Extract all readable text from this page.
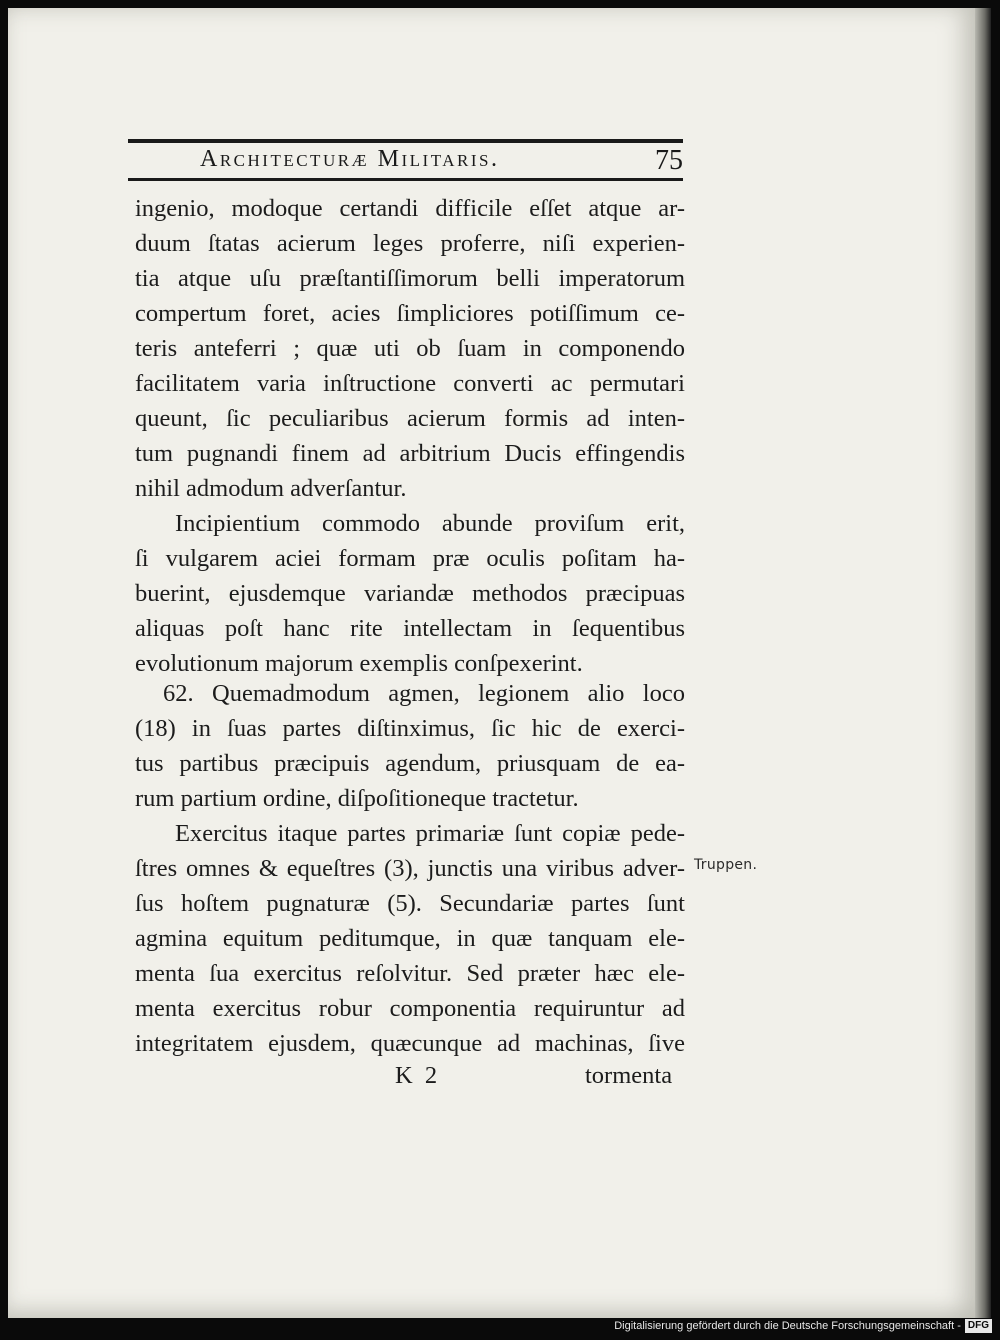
Architecturæ Militaris.	75
ingenio, modoque certandi difficile eſſet atque ar-
duum ſtatas acierum leges proferre, niſi experien-
tia atque uſu præſtantiſſimorum belli imperatorum
compertum foret, acies ſimpliciores potiſſimum ce-
teris anteferri ; quæ uti ob ſuam in componendo
facilitatem varia inſtructione converti ac permutari
queunt, ſic peculiaribus acierum formis ad inten-
tum pugnandi finem ad arbitrium Ducis effingendis
nihil admodum adverſantur.
Incipientium commodo abunde proviſum erit,
ſi vulgarem aciei formam præ oculis poſitam ha-
buerint, ejusdemque variandæ methodos præcipuas
aliquas poſt hanc rite intellectam in ſequentibus
evolutionum majorum exemplis conſpexerint.
62. Quemadmodum agmen, legionem alio loco
(18) in ſuas partes diſtinximus, ſic hic de exerci-
tus partibus præcipuis agendum, priusquam de ea-
rum partium ordine, diſpoſitioneque tractetur.
Exercitus itaque partes primariæ ſunt copiæ pede-
ſtres omnes & equeſtres (3), junctis una viribus adver-
ſus hoſtem pugnaturæ (5). Secundariæ partes ſunt
agmina equitum peditumque, in quæ tanquam ele-
menta ſua exercitus reſolvitur. Sed præter hæc ele-
menta exercitus robur componentia requiruntur ad
integritatem ejusdem, quæcunque ad machinas, ſive
Truppen.
K 2	tormenta
Digitalisierung gefördert durch die Deutsche Forschungsgemeinschaft - DFG
